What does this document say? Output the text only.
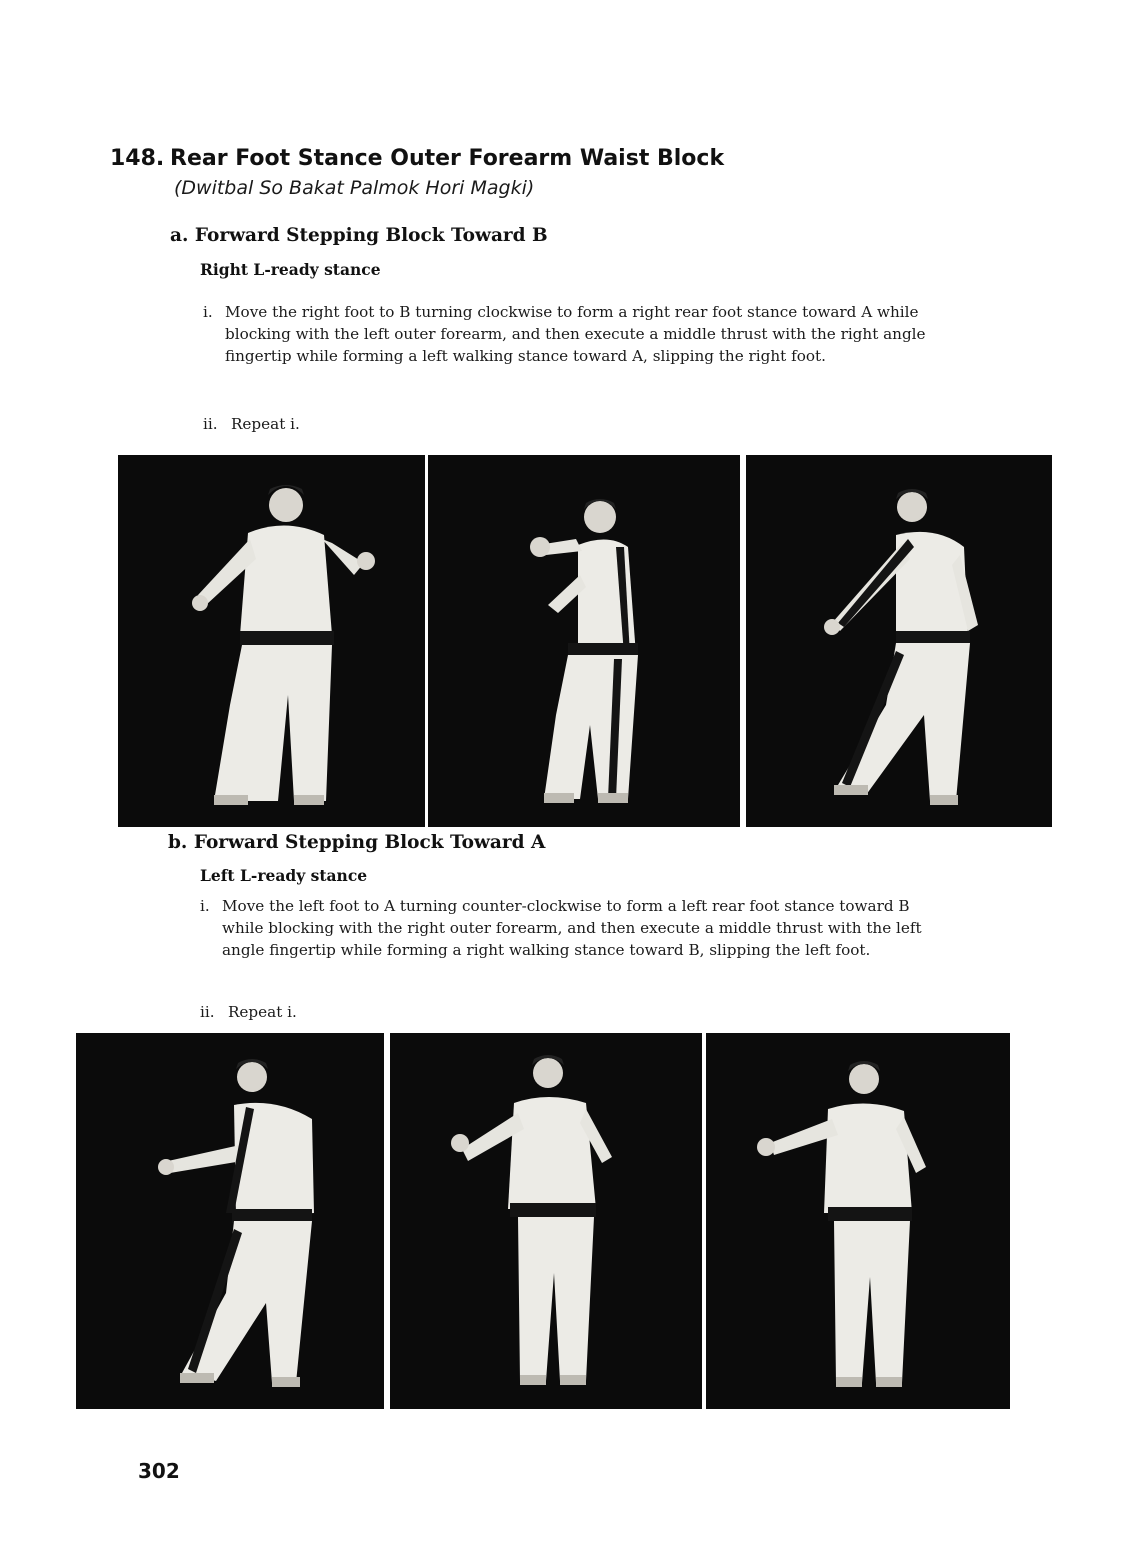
148. Rear Foot Stance Outer Forearm Waist Block
(Dwitbal So Bakat Palmok Hori Magki)
a. Forward Stepping Block Toward B
Right L-ready stance
i. Move the right foot to B turning clockwise to form a right rear foot stance toward A while blocking with the left outer forearm, and then execute a middle thrust with the right angle fingertip while forming a left walking stance toward A, slipping the right foot.
ii. Repeat i.
b. Forward Stepping Block Toward A
Left L-ready stance
i. Move the left foot to A turning counter-clockwise to form a left rear foot stance toward B while blocking with the right outer forearm, and then execute a middle thrust with the left angle fingertip while forming a right walking stance toward B, slipping the left foot.
ii. Repeat i.
302
